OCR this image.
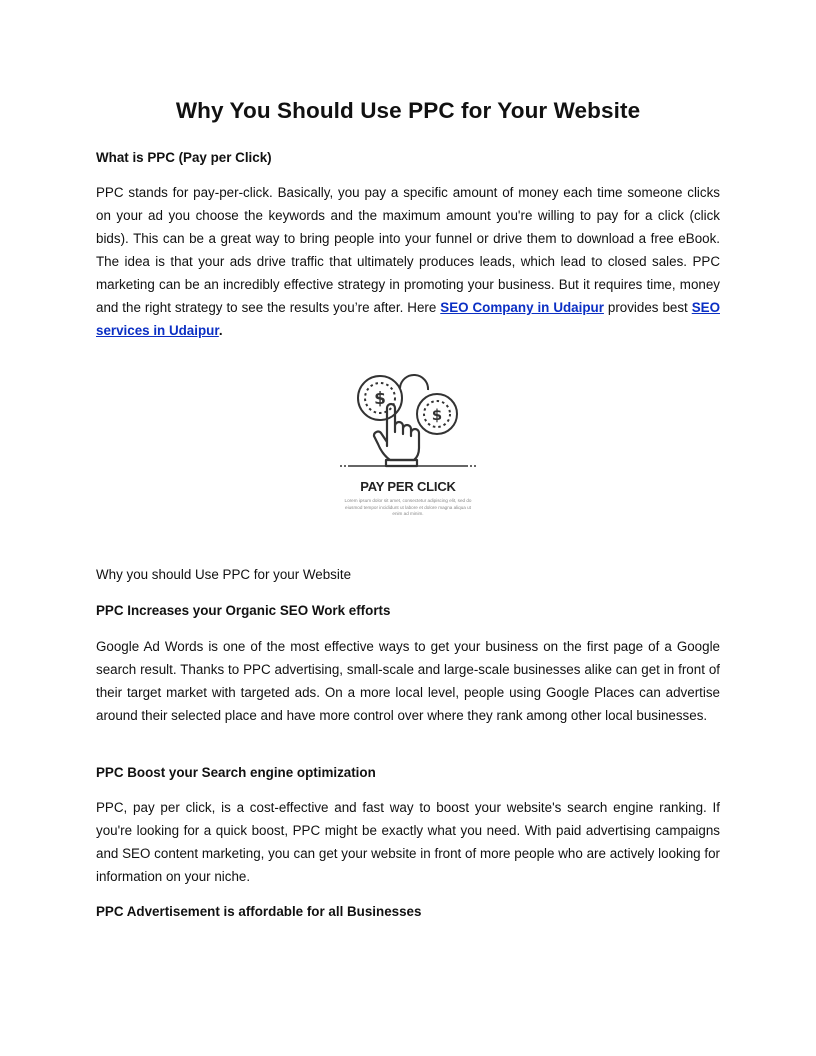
Why You Should Use PPC for Your Website

What is PPC (Pay per Click)

PPC stands for pay-per-click. Basically, you pay a specific amount of money each time someone clicks on your ad you choose the keywords and the maximum amount you're willing to pay for a click (click bids). This can be a great way to bring people into your funnel or drive them to download a free eBook. The idea is that your ads drive traffic that ultimately produces leads, which lead to closed sales. PPC marketing can be an incredibly effective strategy in promoting your business. But it requires time, money and the right strategy to see the results you’re after. Here SEO Company in Udaipur provides best SEO services in Udaipur.

$
$
PAY PER CLICK
Lorem ipsum dolor sit amet, consectetur adipiscing elit, sed do eiusmod tempor incididunt ut labore et dolore magna aliqua ut enim ad minim.

Why you should Use PPC for your Website

PPC Increases your Organic SEO Work efforts

Google Ad Words is one of the most effective ways to get your business on the first page of a Google search result. Thanks to PPC advertising, small-scale and large-scale businesses alike can get in front of their target market with targeted ads. On a more local level, people using Google Places can advertise around their selected place and have more control over where they rank among other local businesses.

PPC Boost your Search engine optimization

PPC, pay per click, is a cost-effective and fast way to boost your website's search engine ranking. If you're looking for a quick boost, PPC might be exactly what you need. With paid advertising campaigns and SEO content marketing, you can get your website in front of more people who are actively looking for information on your niche.

PPC Advertisement is affordable for all Businesses
